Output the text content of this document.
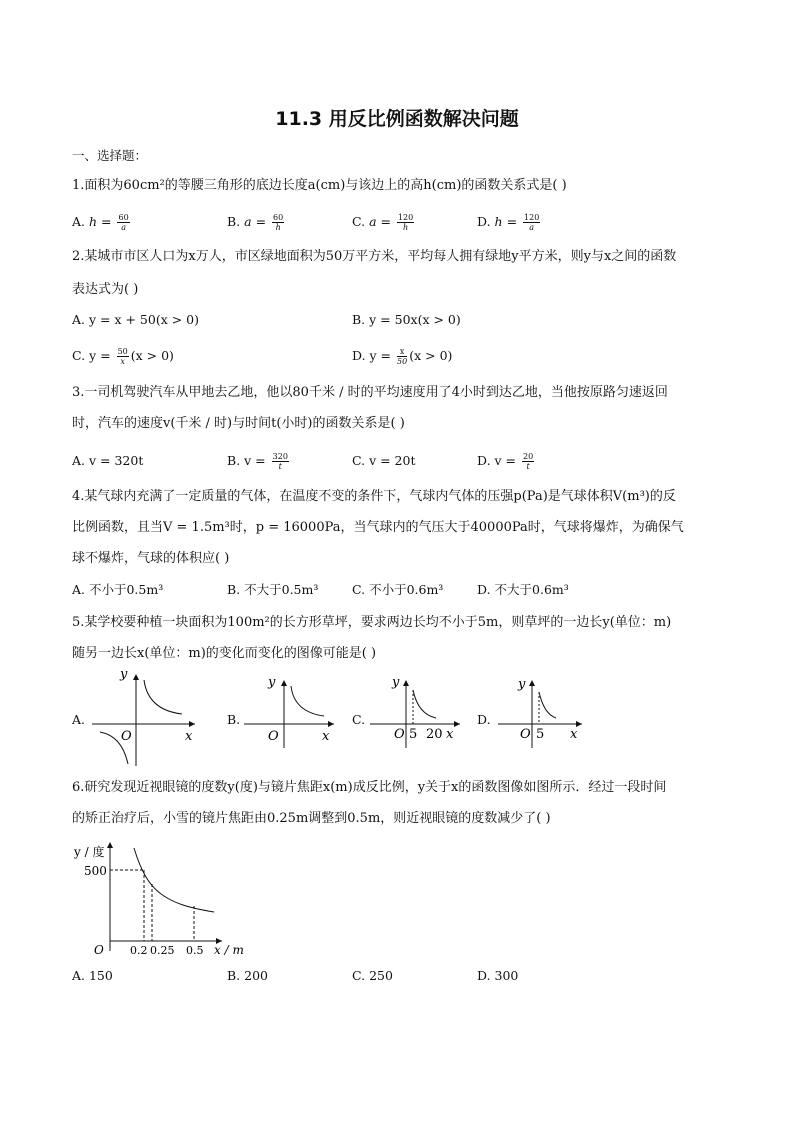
11.3 用反比例函数解决问题
一、选择题：
1.面积为60cm²的等腰三角形的底边长度a(cm)与该边上的高h(cm)的函数关系式是( )
A. $h = \frac{60}{a}$	B. $a = \frac{60}{h}$	C. $a = \frac{120}{h}$	D. $h = \frac{120}{a}$
2.某城市市区人口为x万人，市区绿地面积为50万平方米，平均每人拥有绿地y平方米，则y与x之间的函数
表达式为( )
A. y = x + 50(x > 0)	B. y = 50x(x > 0)
C. $y = \frac{50}{x} (x > 0)$	D. $y = \frac{x}{50} (x > 0)$
3.一司机驾驶汽车从甲地去乙地，他以80千米 / 时的平均速度用了4小时到达乙地，当他按原路匀速返回
时，汽车的速度v(千米 / 时)与时间t(小时)的函数关系是( )
A. v = 320t	B. $v = \frac{320}{t}$	C. v = 20t	D. $v = \frac{20}{t}$
4.某气球内充满了一定质量的气体，在温度不变的条件下，气球内气体的压强p(Pa)是气球体积V(m³)的反
比例函数，且当V = 1.5m³时，p = 16000Pa，当气球内的气压大于40000Pa时，气球将爆炸，为确保气
球不爆炸，气球的体积应( )
A. 不小于0.5m³	B. 不大于0.5m³	C. 不小于0.6m³	D. 不大于0.6m³
5.某学校要种植一块面积为100m²的长方形草坪，要求两边长均不小于5m，则草坪的一边长y(单位：m)
随另一边长x(单位：m)的变化而变化的图像可能是( )
A.	B.	C.	D.
y
x
O
y
x
O
y
x
O 5 20
y
x
O 5
6.研究发现近视眼镜的度数y(度)与镜片焦距x(m)成反比例，y关于x的函数图像如图所示．经过一段时间
的矫正治疗后，小雪的镜片焦距由0.25m调整到0.5m，则近视眼镜的度数减少了( )
y / 度
500
O 0.2 0.25 0.5 x / m
A. 150	B. 200	C. 250	D. 300
